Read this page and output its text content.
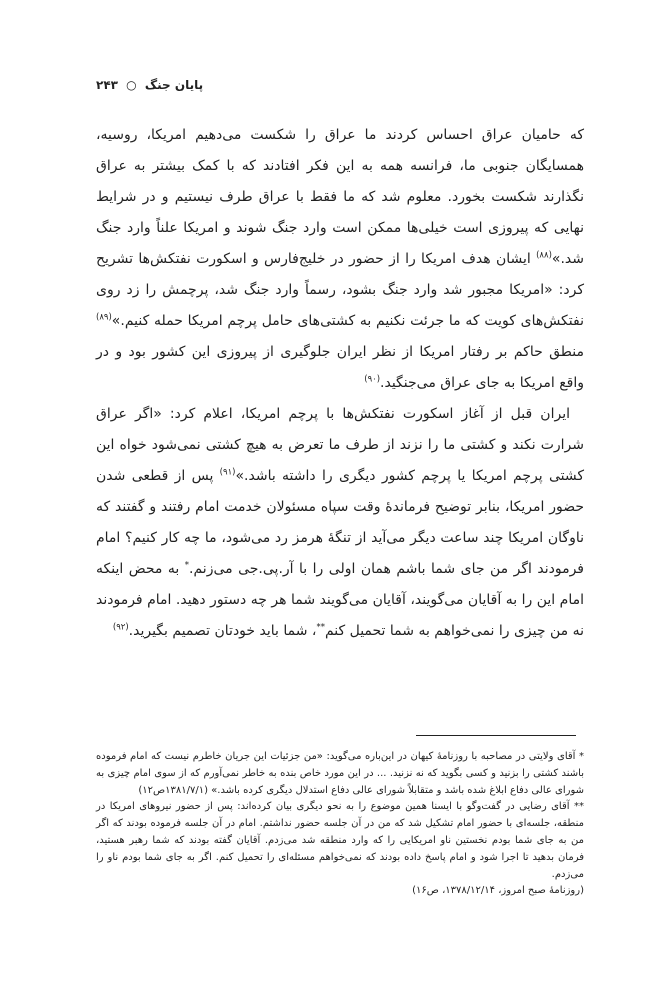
پایان جنگ ○ ۲۴۳

که حامیان عراق احساس کردند ما عراق را شکست می‌دهیم امریکا، روسیه، همسایگان جنوبی ما، فرانسه همه به این فکر افتادند که با کمک بیشتر به عراق نگذارند شکست بخورد. معلوم شد که ما فقط با عراق طرف نیستیم و در شرایط نهایی که پیروزی است خیلی‌ها ممکن است وارد جنگ شوند و امریکا علناً وارد جنگ شد.»$^{(۸۸)}$ ایشان هدف امریکا را از حضور در خلیج‌فارس و اسکورت نفتکش‌ها تشریح کرد: «امریکا مجبور شد وارد جنگ بشود، رسماً وارد جنگ شد، پرچمش را زد روی نفتکش‌های کویت که ما جرئت نکنیم به کشتی‌های حامل پرچم امریکا حمله کنیم.»$^{(۸۹)}$ منطق حاکم بر رفتار امریکا از نظر ایران جلوگیری از پیروزی این کشور بود و در واقع امریکا به جای عراق می‌جنگید.$^{(۹۰)}$

ایران قبل از آغاز اسکورت نفتکش‌ها با پرچم امریکا، اعلام کرد: «اگر عراق شرارت نکند و کشتی ما را نزند از طرف ما تعرض به هیچ کشتی نمی‌شود خواه این کشتی پرچم امریکا یا پرچم کشور دیگری را داشته باشد.»$^{(۹۱)}$ پس از قطعی شدن حضور امریکا، بنابر توضیح فرماندهٔ وقت سپاه مسئولان خدمت امام رفتند و گفتند که ناوگان امریکا چند ساعت دیگر می‌آید از تنگهٔ هرمز رد می‌شود، ما چه کار کنیم؟ امام فرمودند اگر من جای شما باشم همان اولی را با آر.پی.جی می‌زنم.* به محض اینکه امام این را به آقایان می‌گویند، آقایان می‌گویند شما هر چه دستور دهید. امام فرمودند نه من چیزی را نمی‌خواهم به شما تحمیل کنم**، شما باید خودتان تصمیم بگیرید.$^{(۹۲)}$

* آقای ولایتی در مصاحبه با روزنامهٔ کیهان در این‌باره می‌گوید: «من جزئیات این جریان خاطرم نیست که امام فرموده باشند کشتی را بزنید و کسی بگوید که نه نزنید. ... در این مورد خاص بنده به خاطر نمی‌آورم که از سوی امام چیزی به شورای عالی دفاع ابلاغ شده باشد و متقابلاً شورای عالی دفاع استدلال دیگری کرده باشد.» (۱۳۸۱/۷/۱ص۱۲)

** آقای رضایی در گفت‌وگو با ایسنا همین موضوع را به نحو دیگری بیان کرده‌اند: پس از حضور نیروهای امریکا در منطقه، جلسه‌ای با حضور امام تشکیل شد که من در آن جلسه حضور نداشتم. امام در آن جلسه فرموده بودند که اگر من به جای شما بودم نخستین ناو امریکایی را که وارد منطقه شد می‌زدم. آقایان گفته بودند که شما رهبر هستید، فرمان بدهید تا اجرا شود و امام پاسخ داده بودند که نمی‌خواهم مسئله‌ای را تحمیل کنم. اگر به جای شما بودم ناو را می‌زدم.

(روزنامهٔ صبح امروز، ۱۳۷۸/۱۲/۱۴، ص۱۶)
